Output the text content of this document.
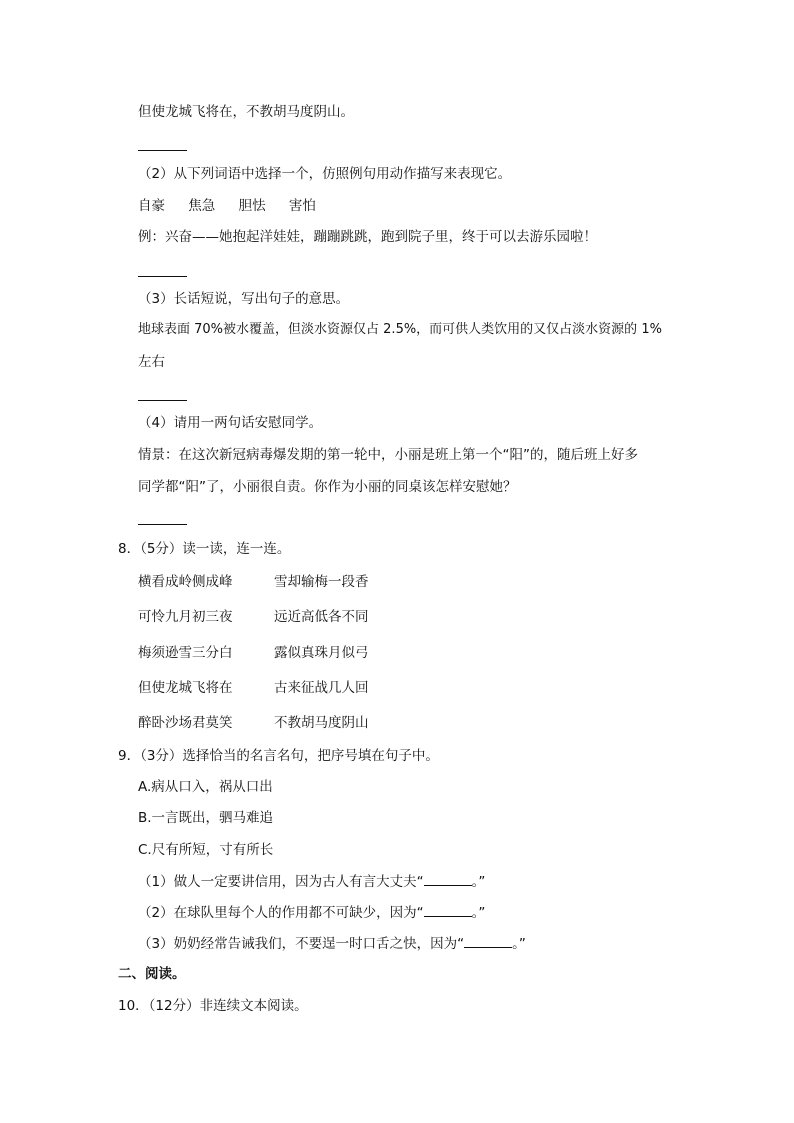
但使龙城飞将在，不教胡马度阴山。
（2）从下列词语中选择一个，仿照例句用动作描写来表现它。
自豪 焦急 胆怯 害怕
例：兴奋——她抱起洋娃娃，蹦蹦跳跳，跑到院子里，终于可以去游乐园啦！
（3）长话短说，写出句子的意思。
地球表面 70%被水覆盖，但淡水资源仅占 2.5%，而可供人类饮用的又仅占淡水资源的 1%
左右
（4）请用一两句话安慰同学。
情景：在这次新冠病毒爆发期的第一轮中，小丽是班上第一个“阳”的，随后班上好多
同学都“阳”了，小丽很自责。你作为小丽的同桌该怎样安慰她？
8．（5分）读一读，连一连。
横看成岭侧成峰	雪却输梅一段香
可怜九月初三夜	远近高低各不同
梅须逊雪三分白	露似真珠月似弓
但使龙城飞将在	古来征战几人回
醉卧沙场君莫笑	不教胡马度阴山
9．（3分）选择恰当的名言名句，把序号填在句子中。
A.病从口入，祸从口出
B.一言既出，驷马难追
C.尺有所短，寸有所长
（1）做人一定要讲信用，因为古人有言大丈夫“	。”
（2）在球队里每个人的作用都不可缺少，因为“	。”
（3）奶奶经常告诫我们，不要逞一时口舌之快，因为“	。”
二、阅读。
10．（12分）非连续文本阅读。
